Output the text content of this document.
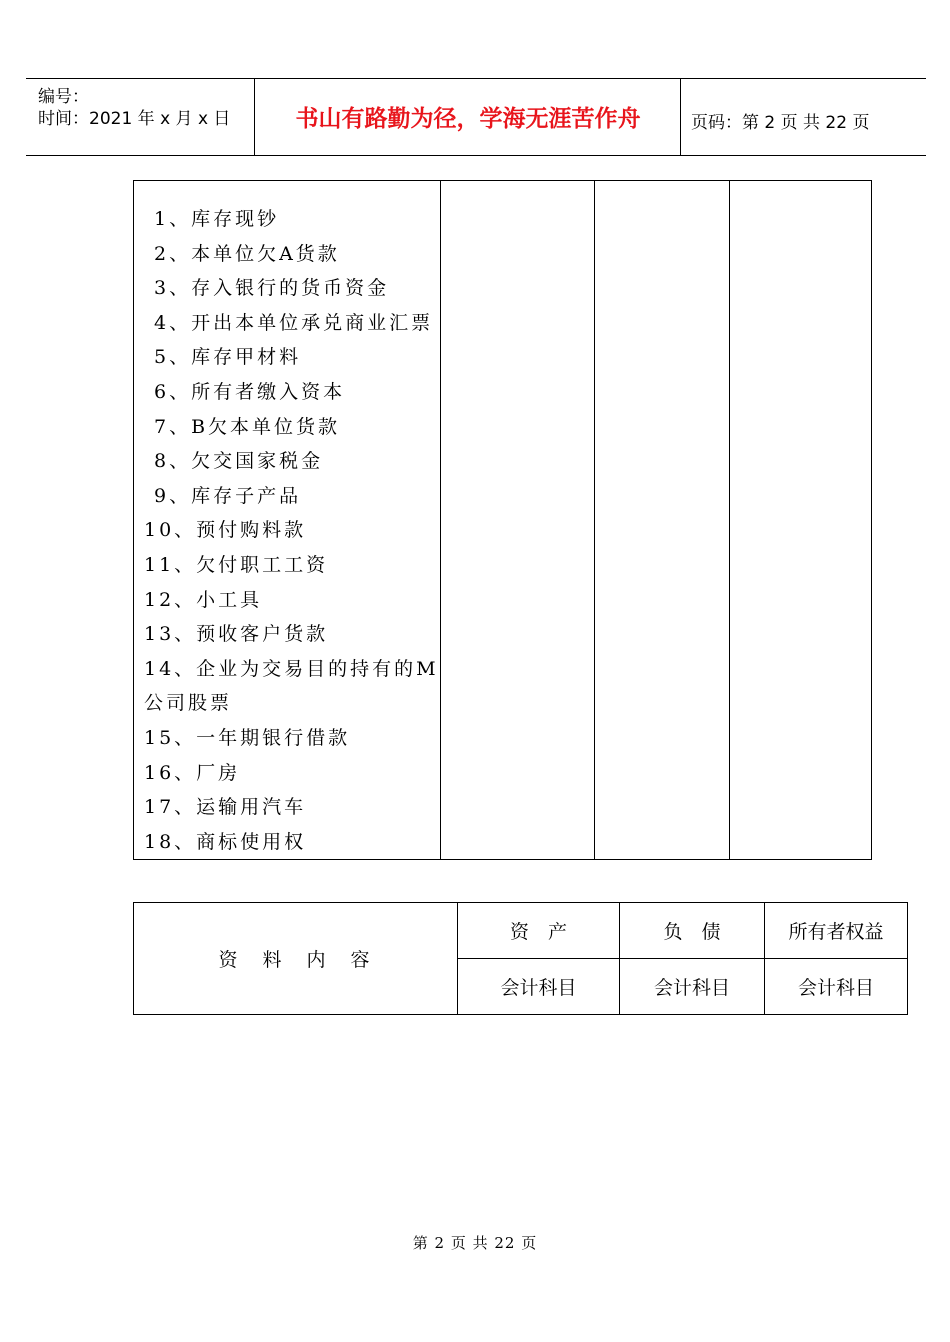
编号：
时间：2021 年 x 月 x 日	书山有路勤为径，学海无涯苦作舟	页码：第 2 页 共 22 页
1、库存现钞
2、本单位欠A货款
3、存入银行的货币资金
4、开出本单位承兑商业汇票
5、库存甲材料
6、所有者缴入资本
7、B欠本单位货款
8、欠交国家税金
9、库存子产品
10、预付购料款
11、欠付职工工资
12、小工具
13、预收客户货款
14、企业为交易目的持有的M
公司股票
15、一年期银行借款
16、厂房
17、运输用汽车
18、商标使用权

资　料　内　容	资　产	负　债	所有者权益
	会计科目	会计科目	会计科目
第 2 页 共 22 页
